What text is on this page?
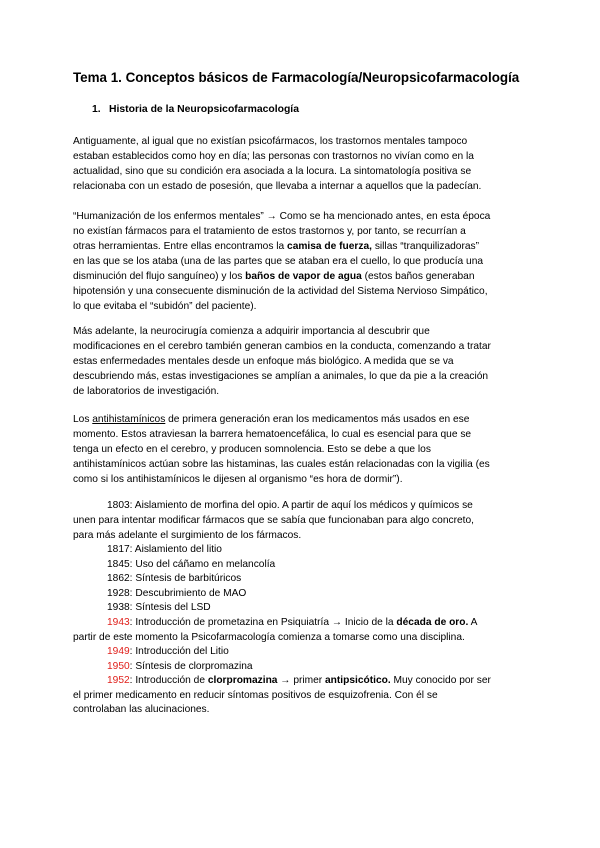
Tema 1. Conceptos básicos de Farmacología/Neuropsicofarmacología
1. Historia de la Neuropsicofarmacología
Antiguamente, al igual que no existían psicofármacos, los trastornos mentales tampoco
estaban establecidos como hoy en día; las personas con trastornos no vivían como en la
actualidad, sino que su condición era asociada a la locura. La sintomatología positiva se
relacionaba con un estado de posesión, que llevaba a internar a aquellos que la padecían.
“Humanización de los enfermos mentales” → Como se ha mencionado antes, en esta época
no existían fármacos para el tratamiento de estos trastornos y, por tanto, se recurrían a
otras herramientas. Entre ellas encontramos la camisa de fuerza, sillas “tranquilizadoras”
en las que se los ataba (una de las partes que se ataban era el cuello, lo que producía una
disminución del flujo sanguíneo) y los baños de vapor de agua (estos baños generaban
hipotensión y una consecuente disminución de la actividad del Sistema Nervioso Simpático,
lo que evitaba el “subidón” del paciente).
Más adelante, la neurocirugía comienza a adquirir importancia al descubrir que
modificaciones en el cerebro también generan cambios en la conducta, comenzando a tratar
estas enfermedades mentales desde un enfoque más biológico. A medida que se va
descubriendo más, estas investigaciones se amplían a animales, lo que da pie a la creación
de laboratorios de investigación.
Los antihistamínicos de primera generación eran los medicamentos más usados en ese
momento. Estos atraviesan la barrera hematoencefálica, lo cual es esencial para que se
tenga un efecto en el cerebro, y producen somnolencia. Esto se debe a que los
antihistamínicos actúan sobre las histaminas, las cuales están relacionadas con la vigilia (es
como si los antihistamínicos le dijesen al organismo “es hora de dormir”).
1803: Aislamiento de morfina del opio. A partir de aquí los médicos y químicos se
unen para intentar modificar fármacos que se sabía que funcionaban para algo concreto,
para más adelante el surgimiento de los fármacos.
1817: Aislamiento del litio
1845: Uso del cáñamo en melancolía
1862: Síntesis de barbitúricos
1928: Descubrimiento de MAO
1938: Síntesis del LSD
1943: Introducción de prometazina en Psiquiatría → Inicio de la década de oro. A
partir de este momento la Psicofarmacología comienza a tomarse como una disciplina.
1949: Introducción del Litio
1950: Síntesis de clorpromazina
1952: Introducción de clorpromazina → primer antipsicótico. Muy conocido por ser
el primer medicamento en reducir síntomas positivos de esquizofrenia. Con él se
controlaban las alucinaciones.
